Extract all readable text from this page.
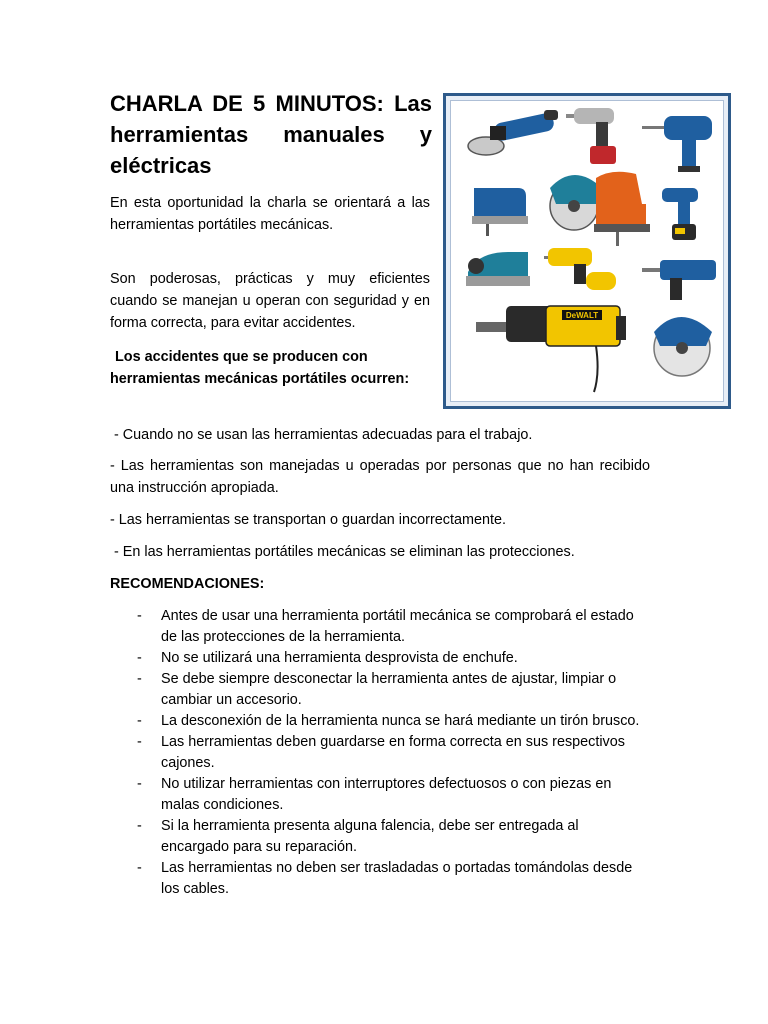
CHARLA DE 5 MINUTOS: Las herramientas manuales y eléctricas

En esta oportunidad la charla se orientará a las herramientas portátiles mecánicas.

Son poderosas, prácticas y muy eficientes cuando se manejan u operan con seguridad y en forma correcta, para evitar accidentes.

Los accidentes que se producen con herramientas mecánicas portátiles ocurren:

- Cuando no se usan las herramientas adecuadas para el trabajo.

- Las herramientas son manejadas u operadas por personas que no han recibido una instrucción apropiada.

- Las herramientas se transportan o guardan incorrectamente.

- En las herramientas portátiles mecánicas se eliminan las protecciones.

RECOMENDACIONES:

- Antes de usar una herramienta portátil mecánica se comprobará el estado de las protecciones de la herramienta.
- No se utilizará una herramienta desprovista de enchufe.
- Se debe siempre desconectar la herramienta antes de ajustar, limpiar o cambiar un accesorio.
- La desconexión de la herramienta nunca se hará mediante un tirón brusco.
- Las herramientas deben guardarse en forma correcta en sus respectivos cajones.
- No utilizar herramientas con interruptores defectuosos o con piezas en malas condiciones.
- Si la herramienta presenta alguna falencia, debe ser entregada al encargado para su reparación.
- Las herramientas no deben ser trasladadas o portadas tomándolas desde los cables.
DeWALT
